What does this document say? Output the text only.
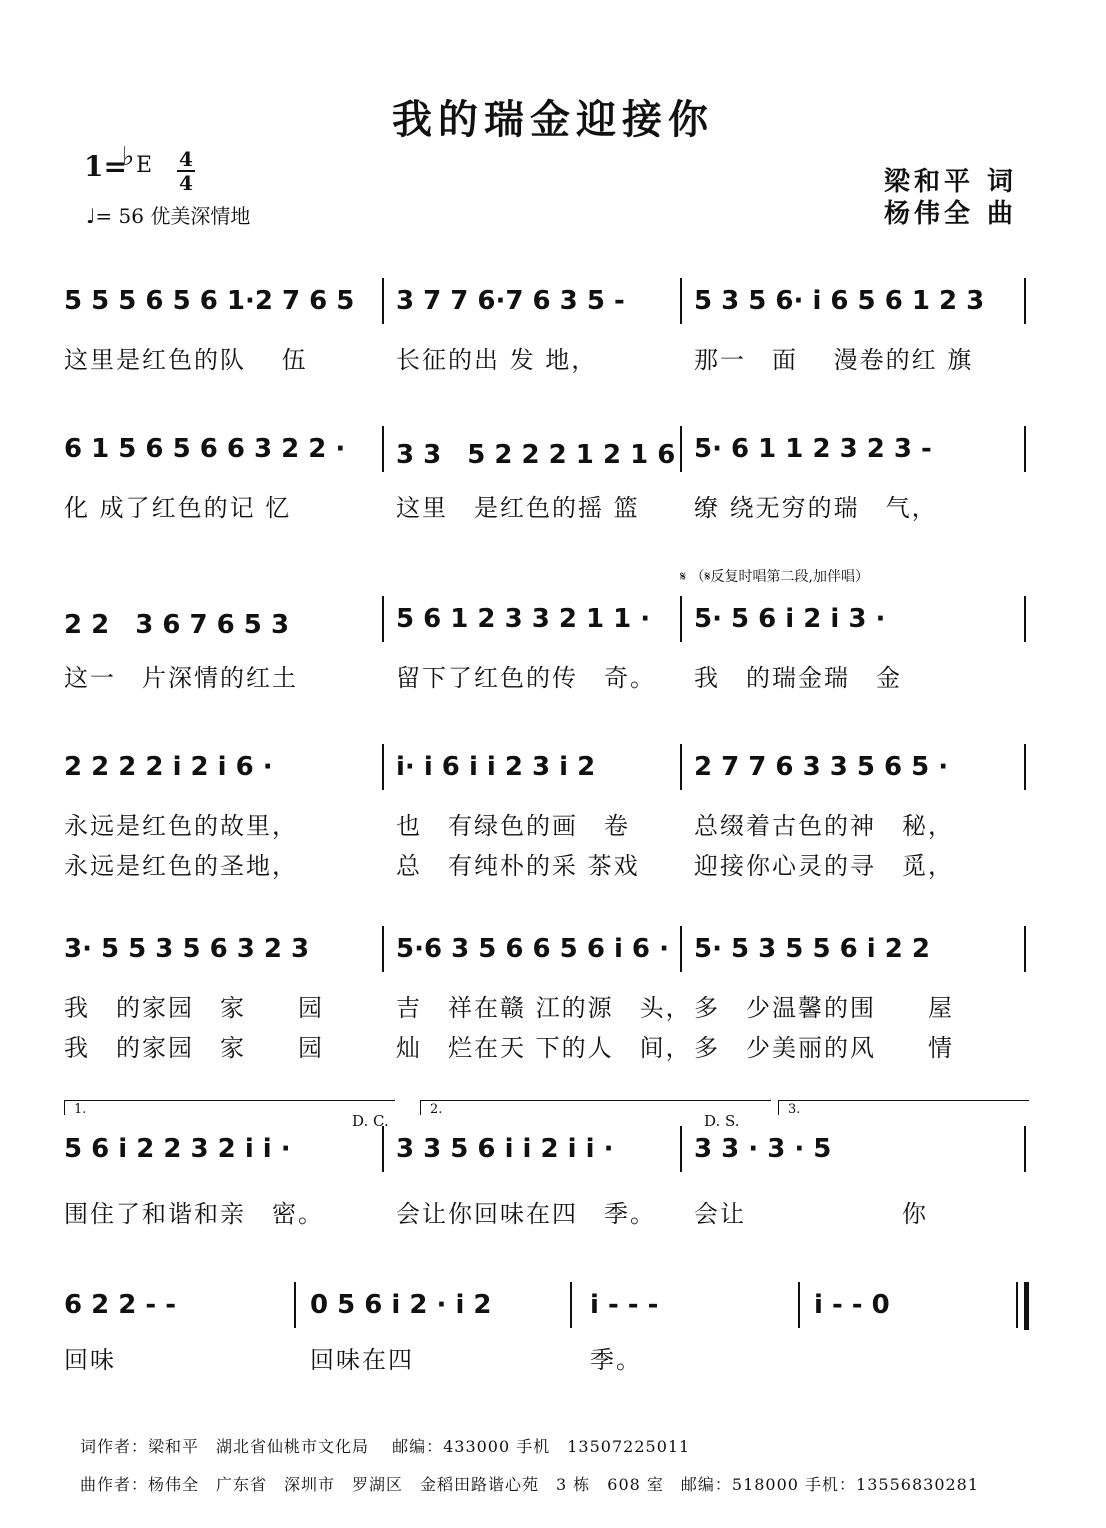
我的瑞金迎接你
1=
♭ E 4
4
♩= 56 优美深情地
梁和平 词
杨伟全 曲
5 5 5 6 5 6 1·2 7 6 5 3 7 7 6·7 6 3 5 -	5 3 5 6· i 6 5 6 1 2 3
这里是红色的队　 伍	长征的出 发 地，	那一　面　 漫卷的红 旗
6 1 5 6 5 6 6 3 2 2 · 3 3　5 2 2 2 1 2 1 6 5· 6 1 1 2 3 2 3 -
化 成了红色的记 忆	这里　是红色的摇 篮 缭 绕无穷的瑞　气，
2 2　3 6 7 6 5 3	5 6 1 2 3 3 2 1 1 · 5· 5 6 i 2 i 3 ·
这一　片深情的红土	留下了红色的传　奇。 我　的瑞金瑞　金
𝄋 （𝄋反复时唱第二段,加伴唱）
2 2 2 2 i 2 i 6 ·	i· i 6 i i 2 3 i 2	2 7 7 6 3 3 5 6 5 ·
永远是红色的故里，	也　有绿色的画　卷	总缀着古色的神　秘，
永远是红色的圣地，	总　有纯朴的采 茶戏 迎接你心灵的寻　觅，
3· 5 5 3 5 6 3 2 3	5·6 3 5 6 6 5 6 i 6 · 5· 5 3 5 5 6 i 2 2
我　的家园　家　　园	吉　祥在赣 江的源　头， 多　少温馨的围　　屋
我　的家园　家　　园	灿　烂在天 下的人　间， 多　少美丽的风　　情
5 6 i 2 2 3 2 i i ·	3 3 5 6 i i 2 i i ·	3 3 · 3 · 5
围住了和谐和亲　密。	会让你回味在四　季。 会让　　　　　　你
1.	2.	3.
D. C.	D. S.
6 2 2 - -	0 5 6 i 2 · i 2	i - - -	i - - 0
回味	回味在四	季。
词作者：梁和平　湖北省仙桃市文化局　 邮编：433000 手机　13507225011
曲作者：杨伟全　广东省　深圳市　罗湖区　金稻田路谐心苑　3 栋　608 室　邮编：518000 手机：13556830281
